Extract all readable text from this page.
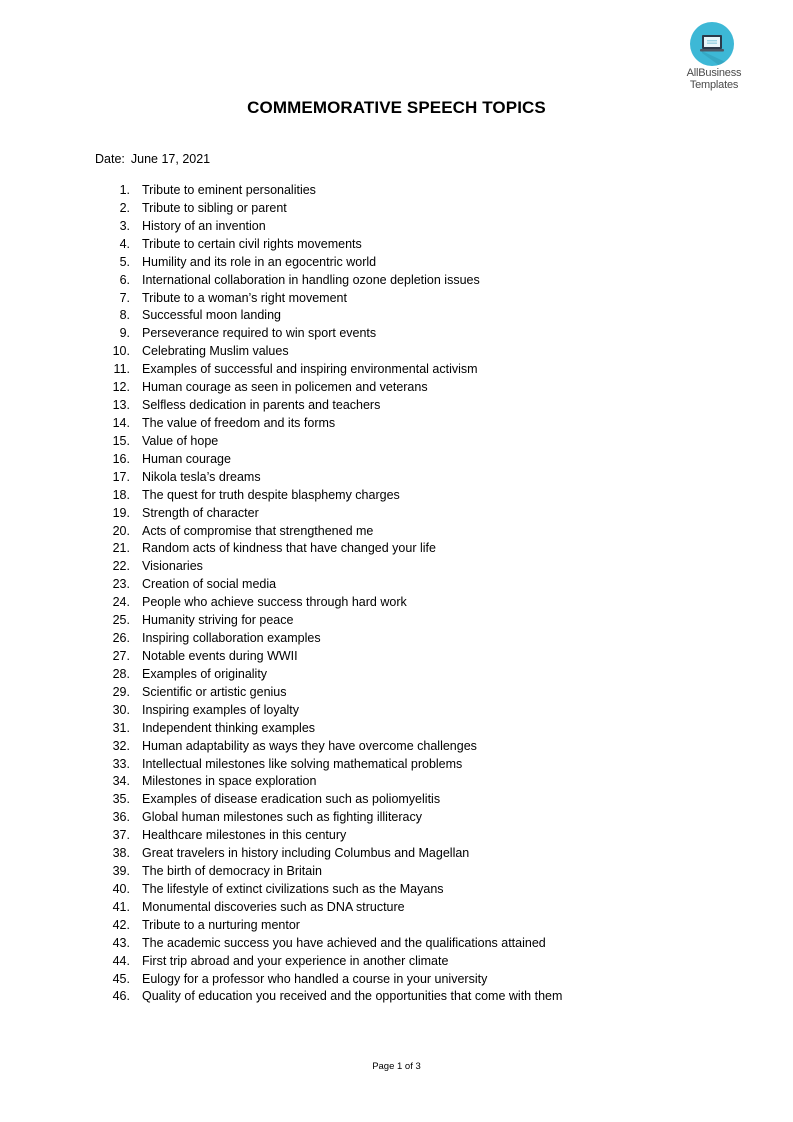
AllBusiness
Templates
COMMEMORATIVE SPEECH TOPICS
Date: June 17, 2021
1. Tribute to eminent personalities
2. Tribute to sibling or parent
3. History of an invention
4. Tribute to certain civil rights movements
5. Humility and its role in an egocentric world
6. International collaboration in handling ozone depletion issues
7. Tribute to a woman’s right movement
8. Successful moon landing
9. Perseverance required to win sport events
10. Celebrating Muslim values
11. Examples of successful and inspiring environmental activism
12. Human courage as seen in policemen and veterans
13. Selfless dedication in parents and teachers
14. The value of freedom and its forms
15. Value of hope
16. Human courage
17. Nikola tesla’s dreams
18. The quest for truth despite blasphemy charges
19. Strength of character
20. Acts of compromise that strengthened me
21. Random acts of kindness that have changed your life
22. Visionaries
23. Creation of social media
24. People who achieve success through hard work
25. Humanity striving for peace
26. Inspiring collaboration examples
27. Notable events during WWII
28. Examples of originality
29. Scientific or artistic genius
30. Inspiring examples of loyalty
31. Independent thinking examples
32. Human adaptability as ways they have overcome challenges
33. Intellectual milestones like solving mathematical problems
34. Milestones in space exploration
35. Examples of disease eradication such as poliomyelitis
36. Global human milestones such as fighting illiteracy
37. Healthcare milestones in this century
38. Great travelers in history including Columbus and Magellan
39. The birth of democracy in Britain
40. The lifestyle of extinct civilizations such as the Mayans
41. Monumental discoveries such as DNA structure
42. Tribute to a nurturing mentor
43. The academic success you have achieved and the qualifications attained
44. First trip abroad and your experience in another climate
45. Eulogy for a professor who handled a course in your university
46. Quality of education you received and the opportunities that come with them
Page 1 of 3
